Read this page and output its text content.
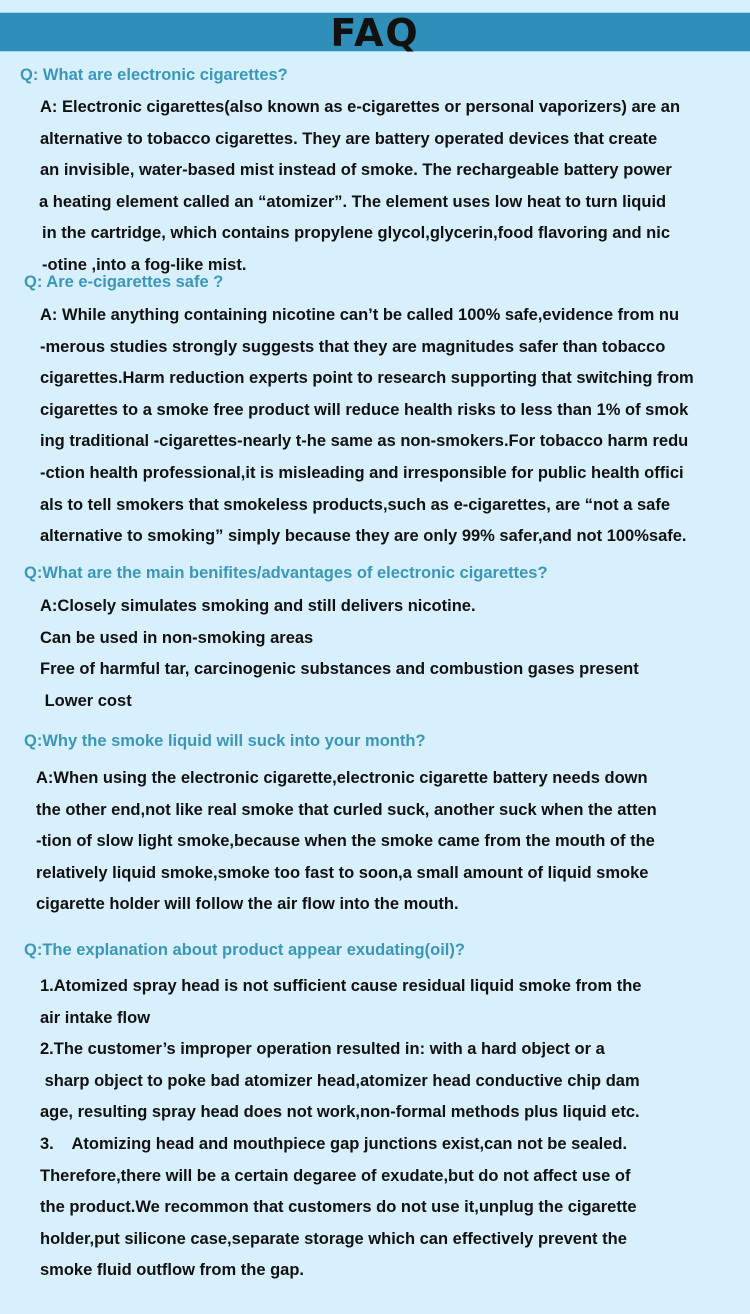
FAQ
Q: What are electronic cigarettes?
A: Electronic cigarettes(also known as e-cigarettes or personal vaporizers) are an
alternative to tobacco cigarettes. They are battery operated devices that create
an invisible, water-based mist instead of smoke. The rechargeable battery power
a heating element called an “atomizer”. The element uses low heat to turn liquid
in the cartridge, which contains propylene glycol,glycerin,food flavoring and nic
-otine ,into a fog-like mist.
Q: Are e-cigarettes safe ?
A: While anything containing nicotine can’t be called 100% safe,evidence from nu
-merous studies strongly suggests that they are magnitudes safer than tobacco
cigarettes.Harm reduction experts point to research supporting that switching from
cigarettes to a smoke free product will reduce health risks to less than 1% of smok
ing traditional -cigarettes-nearly t-he same as non-smokers.For tobacco harm redu
-ction health professional,it is misleading and irresponsible for public health offici
als to tell smokers that smokeless products,such as e-cigarettes, are “not a safe
alternative to smoking” simply because they are only 99% safer,and not 100%safe.
Q:What are the main benifites/advantages of electronic cigarettes?
A:Closely simulates smoking and still delivers nicotine.
Can be used in non-smoking areas
Free of harmful tar, carcinogenic substances and combustion gases present
Lower cost
Q:Why the smoke liquid will suck into your month?
A:When using the electronic cigarette,electronic cigarette battery needs down
the other end,not like real smoke that curled suck, another suck when the atten
-tion of slow light smoke,because when the smoke came from the mouth of the
relatively liquid smoke,smoke too fast to soon,a small amount of liquid smoke
cigarette holder will follow the air flow into the mouth.
Q:The explanation about product appear exudating(oil)?
1.Atomized spray head is not sufficient cause residual liquid smoke from the
air intake flow
2.The customer’s improper operation resulted in: with a hard object or a
sharp object to poke bad atomizer head,atomizer head conductive chip dam
age, resulting spray head does not work,non-formal methods plus liquid etc.
3.    Atomizing head and mouthpiece gap junctions exist,can not be sealed.
Therefore,there will be a certain degaree of exudate,but do not affect use of
the product.We recommon that customers do not use it,unplug the cigarette
holder,put silicone case,separate storage which can effectively prevent the
smoke fluid outflow from the gap.
